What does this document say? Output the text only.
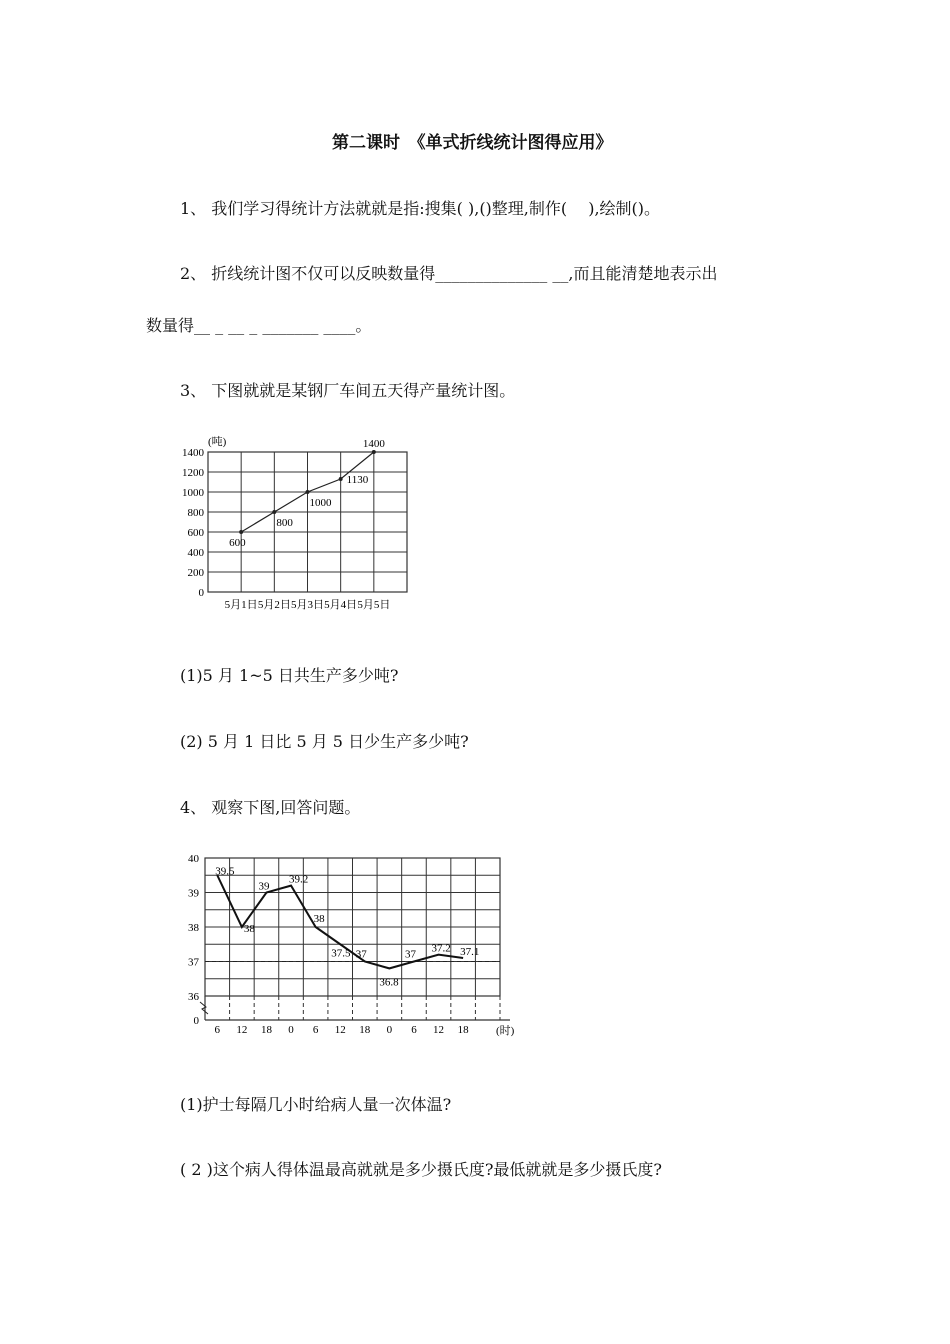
第二课时　《单式折线统计图得应用》
1、 我们学习得统计方法就就是指:搜集( ),()整理,制作(　 ),绘制()。
2、 折线统计图不仅可以反映数量得______________ __,而且能清楚地表示出
数量得__ _ __ _ _______ ____。
3、 下图就就是某钢厂车间五天得产量统计图。
0
200
400
600
800
1000
1200
1400
5月1日 5月2日 5月3日 5月4日 5月5日
(吨)
600
800
1000
1130
1400
(1)5 月 1~5 日共生产多少吨?
(2) 5 月 1 日比 5 月 5 日少生产多少吨?
4、 观察下图,回答问题。
0
36
37
38
39
40
6 12 18 0 6 12 18 0 6 12 18 (时)
39.5
38
39
39.2
38
37.5 37
36.8
37 37.2 37.1
(1)护士每隔几小时给病人量一次体温?
( 2 )这个病人得体温最高就就是多少摄氏度?最低就就是多少摄氏度?
